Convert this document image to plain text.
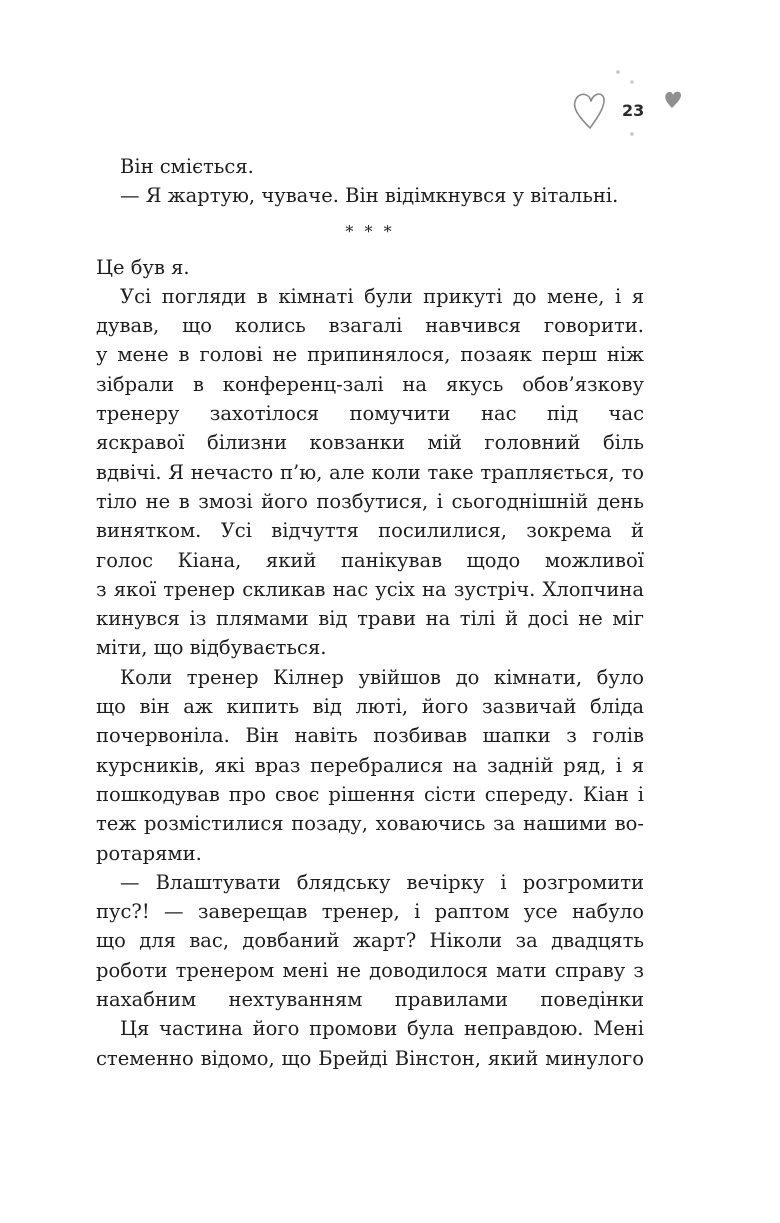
23
Він сміється.
— Я жартую, чуваче. Він відімкнувся у вітальні.
* * *
Це був я.
Усі погляди в кімнаті були прикуті до мене, і я
дував, що колись взагалі навчився говорити.
у мене в голові не припинялося, позаяк перш ніж
зібрали в конференц-залі на якусь обов’язкову
тренеру захотілося помучити нас під час
яскравої білизни ковзанки мій головний біль
вдвічі. Я нечасто п’ю, але коли таке трапляється, то
тіло не в змозі його позбутися, і сьогоднішній день
винятком. Усі відчуття посилилися, зокрема й
голос Кіана, який панікував щодо можливої
з якої тренер скликав нас усіх на зустріч. Хлопчина
кинувся із плямами від трави на тілі й досі не міг
міти, що відбувається.
Коли тренер Кілнер увійшов до кімнати, було
що він аж кипить від люті, його зазвичай бліда
почервоніла. Він навіть позбивав шапки з голів
курсників, які враз перебралися на задній ряд, і я
пошкодував про своє рішення сісти спереду. Кіан і
теж розмістилися позаду, ховаючись за нашими во-
ротарями.
— Влаштувати блядську вечірку і розгромити
пус?! — заверещав тренер, і раптом усе набуло
що для вас, довбаний жарт? Ніколи за двадцять
роботи тренером мені не доводилося мати справу з
нахабним нехтуванням правилами поведінки
Ця частина його промови була неправдою. Мені
стеменно відомо, що Брейді Вінстон, який минулого
